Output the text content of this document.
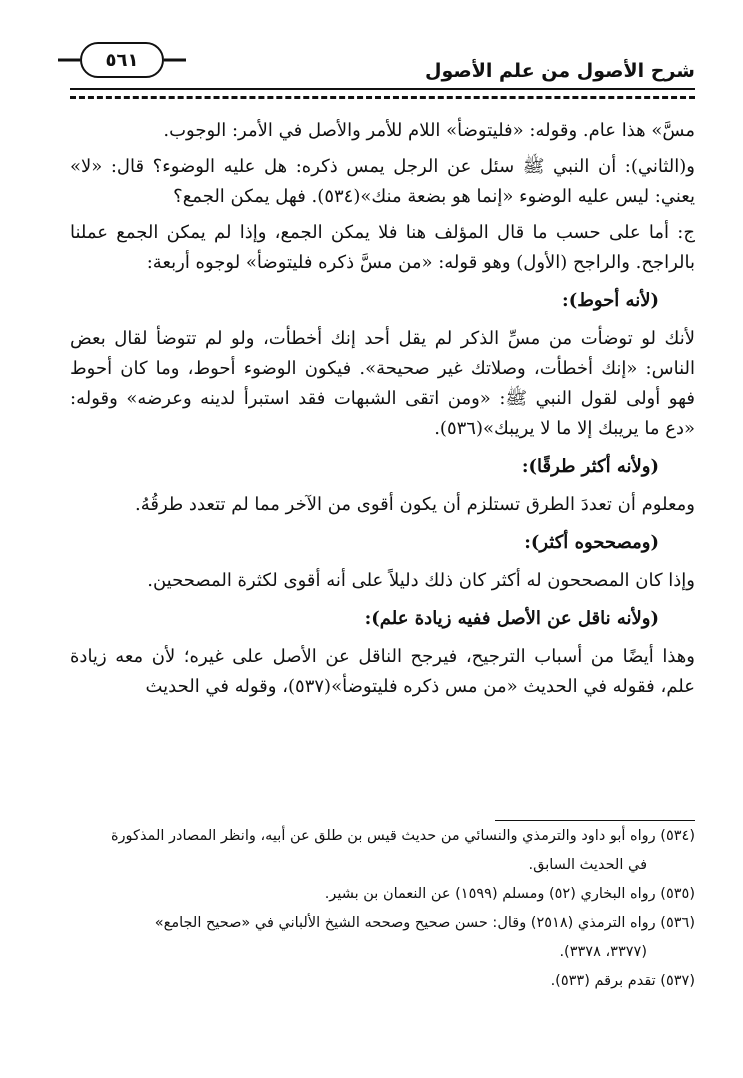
شرح الأصول من علم الأصول
٥٦١

مسَّ» هذا عام. وقوله: «فليتوضأ» اللام للأمر والأصل في الأمر: الوجوب.

و(الثاني): أن النبي ﷺ سئل عن الرجل يمس ذكره: هل عليه الوضوء؟ قال: «لا» يعني: ليس عليه الوضوء «إنما هو بضعة منك»(٥٣٤). فهل يمكن الجمع؟

ج: أما على حسب ما قال المؤلف هنا فلا يمكن الجمع، وإذا لم يمكن الجمع عملنا بالراجح. والراجح (الأول) وهو قوله: «من مسَّ ذكره فليتوضأ» لوجوه أربعة:

(لأنه أحوط):

لأنك لو توضأت من مسِّ الذكر لم يقل أحد إنك أخطأت، ولو لم تتوضأ لقال بعض الناس: «إنك أخطأت، وصلاتك غير صحيحة». فيكون الوضوء أحوط، وما كان أحوط فهو أولى لقول النبي ﷺ: «ومن اتقى الشبهات فقد استبرأ لدينه وعرضه» وقوله: «دع ما يريبك إلا ما لا يريبك»(٥٣٦).

(ولأنه أكثر طرقًا):

ومعلوم أن تعددَ الطرق تستلزم أن يكون أقوى من الآخر مما لم تتعدد طرقُهُ.

(ومصححوه أكثر):

وإذا كان المصححون له أكثر كان ذلك دليلاً على أنه أقوى لكثرة المصححين.

(ولأنه ناقل عن الأصل ففيه زيادة علم):

وهذا أيضًا من أسباب الترجيح، فيرجح الناقل عن الأصل على غيره؛ لأن معه زيادة علم، فقوله في الحديث «من مس ذكره فليتوضأ»(٥٣٧)، وقوله في الحديث

(٥٣٤) رواه أبو داود والترمذي والنسائي من حديث قيس بن طلق عن أبيه، وانظر المصادر المذكورة

في الحديث السابق.

(٥٣٥) رواه البخاري (٥٢) ومسلم (١٥٩٩) عن النعمان بن بشير.

(٥٣٦) رواه الترمذي (٢٥١٨) وقال: حسن صحيح وصححه الشيخ الألباني في «صحيح الجامع»

(٣٣٧٧، ٣٣٧٨).

(٥٣٧) تقدم برقم (٥٣٣).
